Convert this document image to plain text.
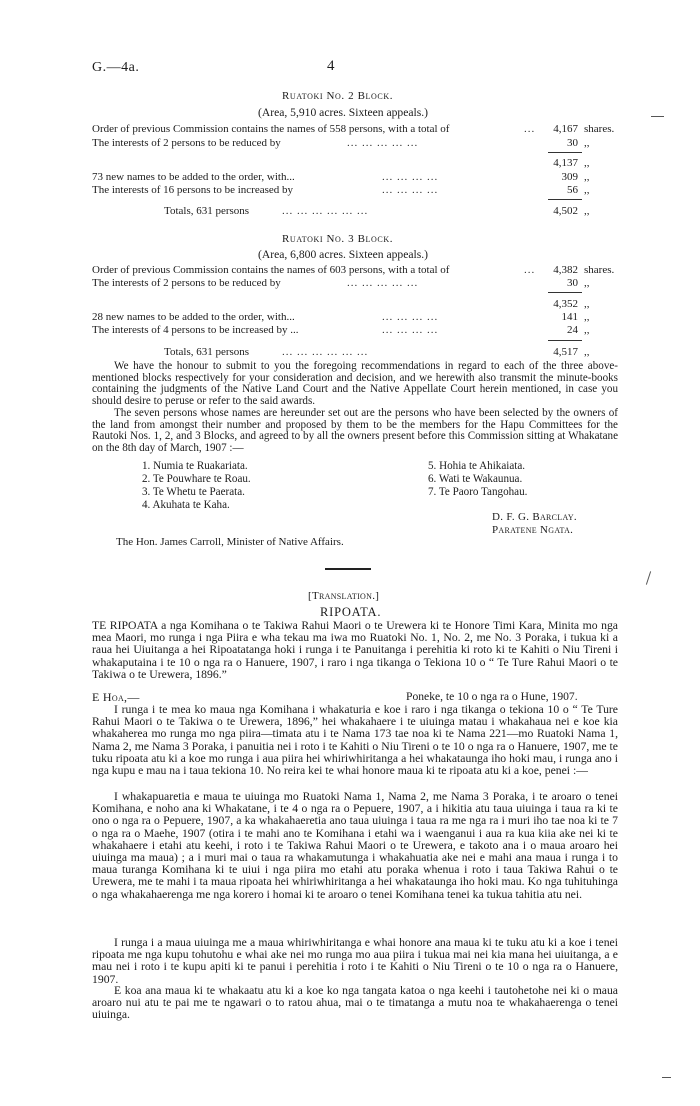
G.—4a.	4
Ruatoki No. 2 Block.
(Area, 5,910 acres. Sixteen appeals.)
Order of previous Commission contains the names of 558 persons, with a total of	... 4,167 shares.
The interests of 2 persons to be reduced by	... ... ... ... ...	30 ,,
4,137 ,,
73 new names to be added to the order, with...	... ... ... ...	309 ,,
The interests of 16 persons to be increased by	... ... ... ...	56 ,,
Totals, 631 persons	... ... ... ... ... ...	4,502 ,,
Ruatoki No. 3 Block.
(Area, 6,800 acres. Sixteen appeals.)
Order of previous Commission contains the names of 603 persons, with a total of	... 4,382 shares.
The interests of 2 persons to be reduced by	... ... ... ... ...	30 ,,
4,352 ,,
28 new names to be added to the order, with...	... ... ... ...	141 ,,
The interests of 4 persons to be increased by ...	... ... ... ...	24 ,,
Totals, 631 persons	... ... ... ... ... ...	4,517 ,,
We have the honour to submit to you the foregoing recommendations in regard to each of the three above-mentioned blocks respectively for your consideration and decision, and we herewith also transmit the minute-books containing the judgments of the Native Land Court and the Native Appellate Court herein mentioned, in case you should desire to peruse or refer to the said awards.
The seven persons whose names are hereunder set out are the persons who have been selected by the owners of the land from amongst their number and proposed by them to be the members for the Hapu Committees for the Rautoki Nos. 1, 2, and 3 Blocks, and agreed to by all the owners present before this Commission sitting at Whakatane on the 8th day of March, 1907 :—
1. Numia te Ruakariata.
2. Te Pouwhare te Roau.
3. Te Whetu te Paerata.
4. Akuhata te Kaha.
5. Hohia te Ahikaiata.
6. Wati te Wakaunua.
7. Te Paoro Tangohau.
D. F. G. Barclay.
Paratene Ngata.
The Hon. James Carroll, Minister of Native Affairs.
[Translation.]
RIPOATA.
TE RIPOATA a nga Komihana o te Takiwa Rahui Maori o te Urewera ki te Honore Timi Kara, Minita mo nga mea Maori, mo runga i nga Piira e wha tekau ma iwa mo Ruatoki No. 1, No. 2, me No. 3 Poraka, i tukua ki a raua hei Uiuitanga a hei Ripoatatanga hoki i runga i te Panuitanga i perehitia ki roto ki te Kahiti o Niu Tireni i whakaputaina i te 10 o nga ra o Hanuere, 1907, i raro i nga tikanga o Tekiona 10 o “ Te Ture Rahui Maori o te Takiwa o te Urewera, 1896.”
E Hoa,—	Poneke, te 10 o nga ra o Hune, 1907.
I runga i te mea ko maua nga Komihana i whakaturia e koe i raro i nga tikanga o tekiona 10 o “ Te Ture Rahui Maori o te Takiwa o te Urewera, 1896,” hei whakahaere i te uiuinga matau i whakahaua nei e koe kia whakaherea mo runga mo nga piira—timata atu i te Nama 173 tae noa ki te Nama 221—mo Ruatoki Nama 1, Nama 2, me Nama 3 Poraka, i panuitia nei i roto i te Kahiti o Niu Tireni o te 10 o nga ra o Hanuere, 1907, me te tuku ripoata atu ki a koe mo runga i aua piira hei whiriwhiritanga a hei whakataunga iho hoki mau, i runga ano i nga kupu e mau na i taua tekiona 10. No reira kei te whai honore maua ki te ripoata atu ki a koe, penei :—
I whakapuaretia e maua te uiuinga mo Ruatoki Nama 1, Nama 2, me Nama 3 Poraka, i te aroaro o tenei Komihana, e noho ana ki Whakatane, i te 4 o nga ra o Pepuere, 1907, a i hikitia atu taua uiuinga i taua ra ki te ono o nga ra o Pepuere, 1907, a ka whakahaeretia ano taua uiuinga i taua ra me nga ra i muri iho tae noa ki te 7 o nga ra o Maehe, 1907 (otira i te mahi ano te Komihana i etahi wa i waenganui i aua ra kua kiia ake nei ki te whakahaere i etahi atu keehi, i roto i te Takiwa Rahui Maori o te Urewera, e takoto ana i o maua aroaro hei uiuinga ma maua) ; a i muri mai o taua ra whakamutunga i whakahuatia ake nei e mahi ana maua i runga i to maua turanga Komihana ki te uiui i nga piira mo etahi atu poraka whenua i roto i taua Takiwa Rahui o te Urewera, me te mahi i ta maua ripoata hei whiriwhiritanga a hei whakataunga iho hoki mau. Ko nga tuhituhinga o nga whakahaerenga me nga korero i homai ki te aroaro o tenei Komihana tenei ka tukua tahitia atu nei.
I runga i a maua uiuinga me a maua whiriwhiritanga e whai honore ana maua ki te tuku atu ki a koe i tenei ripoata me nga kupu tohutohu e whai ake nei mo runga mo aua piira i tukua mai nei kia mana hei uiuitanga, a e mau nei i roto i te kupu apiti ki te panui i perehitia i roto i te Kahiti o Niu Tireni o te 10 o nga ra o Hanuere, 1907.
E koa ana maua ki te whakaatu atu ki a koe ko nga tangata katoa o nga keehi i tautohetohe nei ki o maua aroaro nui atu te pai me te ngawari o to ratou ahua, mai o te timatanga a mutu noa te whakahaerenga o tenei uiuinga.
